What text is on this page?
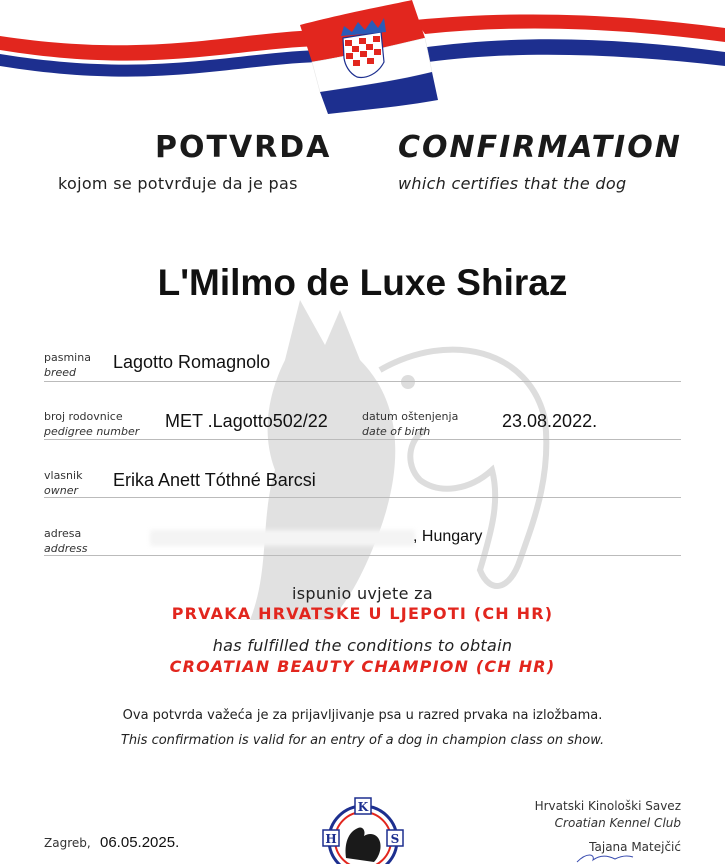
POTVRDA
kojom se potvrđuje da je pas
CONFIRMATION
which certifies that the dog
L'Milmo de Luxe Shiraz
pasmina
breed
Lagotto Romagnolo
broj rodovnice
pedigree number
MET .Lagotto502/22	datum oštenjenja
date of birth
23.08.2022.
vlasnik
owner
Erika Anett Tóthné Barcsi
adresa
address
, Hungary
ispunio uvjete za
PRVAKA HRVATSKE U LJEPOTI (CH HR)
has fulfilled the conditions to obtain
CROATIAN BEAUTY CHAMPION (CH HR)
Ova potvrda važeća je za prijavljivanje psa u razred prvaka na izložbama.
This confirmation is valid for an entry of a dog in champion class on show.
Zagreb, 06.05.2025.
K
H	S
Hrvatski Kinološki Savez
Croatian Kennel Club
Tajana Matejčić
